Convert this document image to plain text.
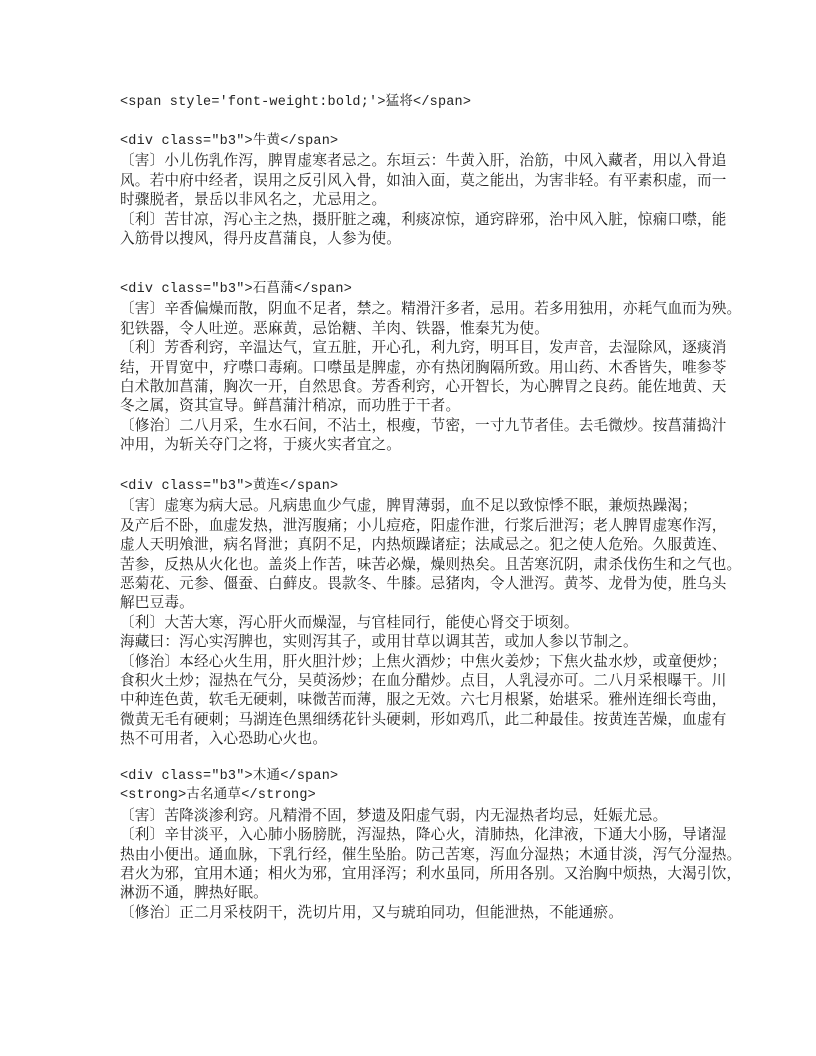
<span style='font-weight:bold;'>猛将</span>
<div class="b3">牛黄</span>
〔害〕小儿伤乳作泻，脾胃虚寒者忌之。东垣云：牛黄入肝，治筋，中风入藏者，用以入骨追
风。若中府中经者，误用之反引风入骨，如油入面，莫之能出，为害非轻。有平素积虚，而一
时骤脱者，景岳以非风名之，尤忌用之。
〔利〕苦甘凉，泻心主之热，摄肝脏之魂，利痰凉惊，通窍辟邪，治中风入脏，惊痫口噤，能
入筋骨以搜风，得丹皮菖蒲良，人参为使。
<div class="b3">石菖蒲</span>
〔害〕辛香偏燥而散，阴血不足者，禁之。精滑汗多者，忌用。若多用独用，亦耗气血而为殃。
犯铁器，令人吐逆。恶麻黄，忌饴糖、羊肉、铁器，惟秦艽为使。
〔利〕芳香利窍，辛温达气，宣五脏，开心孔，利九窍，明耳目，发声音，去湿除风，逐痰消
结，开胃宽中，疗噤口毒痢。口噤虽是脾虚，亦有热闭胸隔所致。用山药、木香皆失，唯参苓
白术散加菖蒲，胸次一开，自然思食。芳香利窍，心开智长，为心脾胃之良药。能佐地黄、天
冬之属，资其宣导。鲜菖蒲汁稍凉，而功胜于干者。
〔修治〕二八月采，生水石间，不沾土，根瘦，节密，一寸九节者佳。去毛微炒。按菖蒲捣汁
冲用，为斩关夺门之将，于痰火实者宜之。
<div class="b3">黄连</span>
〔害〕虚寒为病大忌。凡病患血少气虚，脾胃薄弱，血不足以致惊悸不眠，兼烦热躁渴；
及产后不卧，血虚发热，泄泻腹痛；小儿痘疮，阳虚作泄，行浆后泄泻；老人脾胃虚寒作泻，
虚人天明飧泄，病名肾泄；真阴不足，内热烦躁诸症；法咸忌之。犯之使人危殆。久服黄连、
苦参，反热从火化也。盖炎上作苦，味苦必燥，燥则热矣。且苦寒沉阴，肃杀伐伤生和之气也。
恶菊花、元参、僵蚕、白藓皮。畏款冬、牛膝。忌猪肉，令人泄泻。黄芩、龙骨为使，胜乌头
解巴豆毒。
〔利〕大苦大寒，泻心肝火而燥湿，与官桂同行，能使心肾交于顷刻。
海藏曰：泻心实泻脾也，实则泻其子，或用甘草以调其苦，或加人参以节制之。
〔修治〕本经心火生用，肝火胆汁炒；上焦火酒炒；中焦火姜炒；下焦火盐水炒，或童便炒；
食积火土炒；湿热在气分，吴萸汤炒；在血分醋炒。点目，人乳浸亦可。二八月采根曝干。川
中种连色黄，软毛无硬刺，味微苦而薄，服之无效。六七月根紧，始堪采。雅州连细长弯曲，
微黄无毛有硬刺；马湖连色黑细绣花针头硬刺，形如鸡爪，此二种最佳。按黄连苦燥，血虚有
热不可用者，入心恐助心火也。
<div class="b3">木通</span>
<strong>古名通草</strong>
〔害〕苦降淡渗利窍。凡精滑不固，梦遗及阳虚气弱，内无湿热者均忌，妊娠尤忌。
〔利〕辛甘淡平，入心肺小肠膀胱，泻湿热，降心火，清肺热，化津液，下通大小肠，导诸湿
热由小便出。通血脉，下乳行经，催生坠胎。防己苦寒，泻血分湿热；木通甘淡，泻气分湿热。
君火为邪，宜用木通；相火为邪，宜用泽泻；利水虽同，所用各别。又治胸中烦热，大渴引饮，
淋沥不通，脾热好眠。
〔修治〕正二月采枝阴干，洗切片用，又与琥珀同功，但能泄热，不能通瘀。
